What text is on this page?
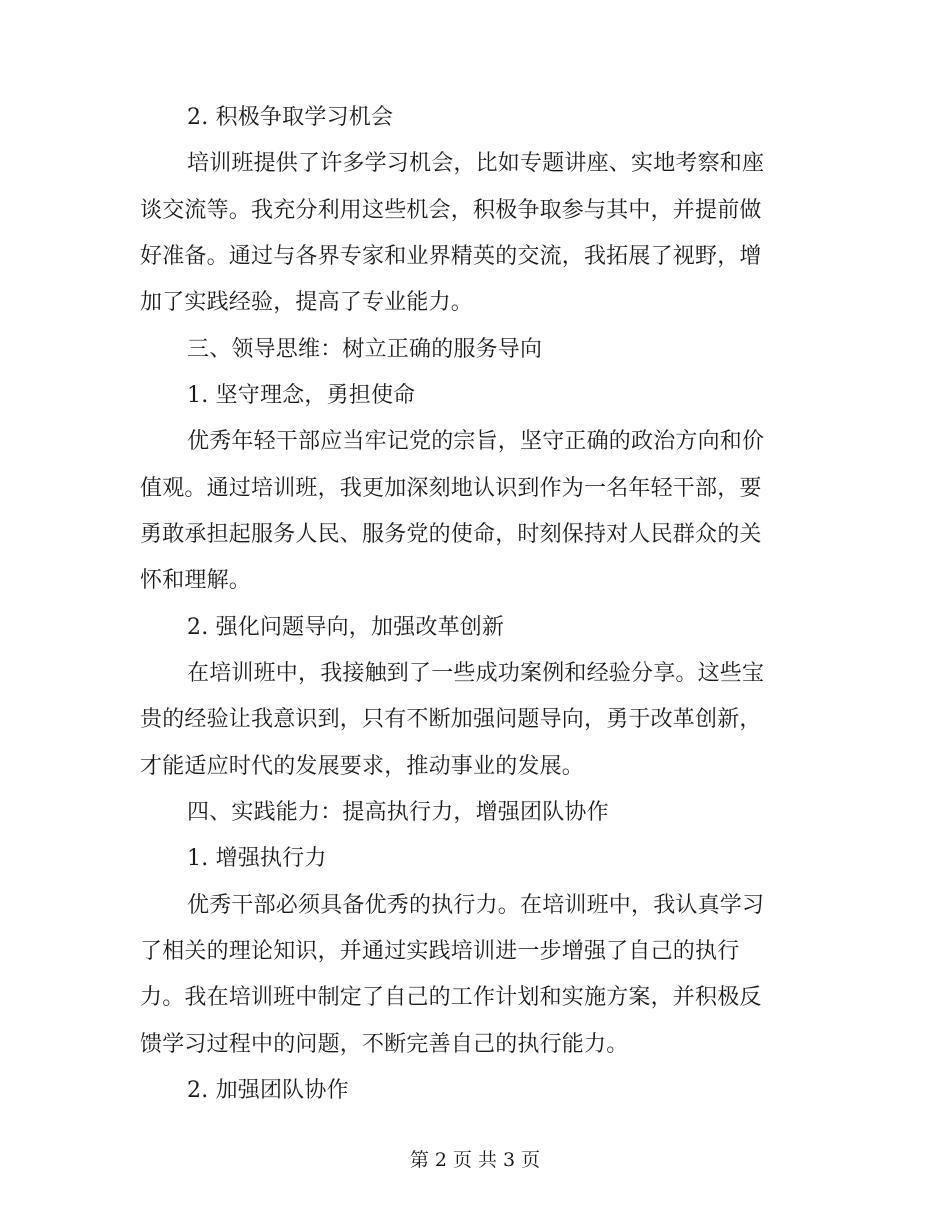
2. 积极争取学习机会
培训班提供了许多学习机会，比如专题讲座、实地考察和座
谈交流等。我充分利用这些机会，积极争取参与其中，并提前做
好准备。通过与各界专家和业界精英的交流，我拓展了视野，增
加了实践经验，提高了专业能力。
三、领导思维：树立正确的服务导向
1. 坚守理念，勇担使命
优秀年轻干部应当牢记党的宗旨，坚守正确的政治方向和价
值观。通过培训班，我更加深刻地认识到作为一名年轻干部，要
勇敢承担起服务人民、服务党的使命，时刻保持对人民群众的关
怀和理解。
2. 强化问题导向，加强改革创新
在培训班中，我接触到了一些成功案例和经验分享。这些宝
贵的经验让我意识到，只有不断加强问题导向，勇于改革创新，
才能适应时代的发展要求，推动事业的发展。
四、实践能力：提高执行力，增强团队协作
1. 增强执行力
优秀干部必须具备优秀的执行力。在培训班中，我认真学习
了相关的理论知识，并通过实践培训进一步增强了自己的执行
力。我在培训班中制定了自己的工作计划和实施方案，并积极反
馈学习过程中的问题，不断完善自己的执行能力。
2. 加强团队协作
第 2 页 共 3 页
